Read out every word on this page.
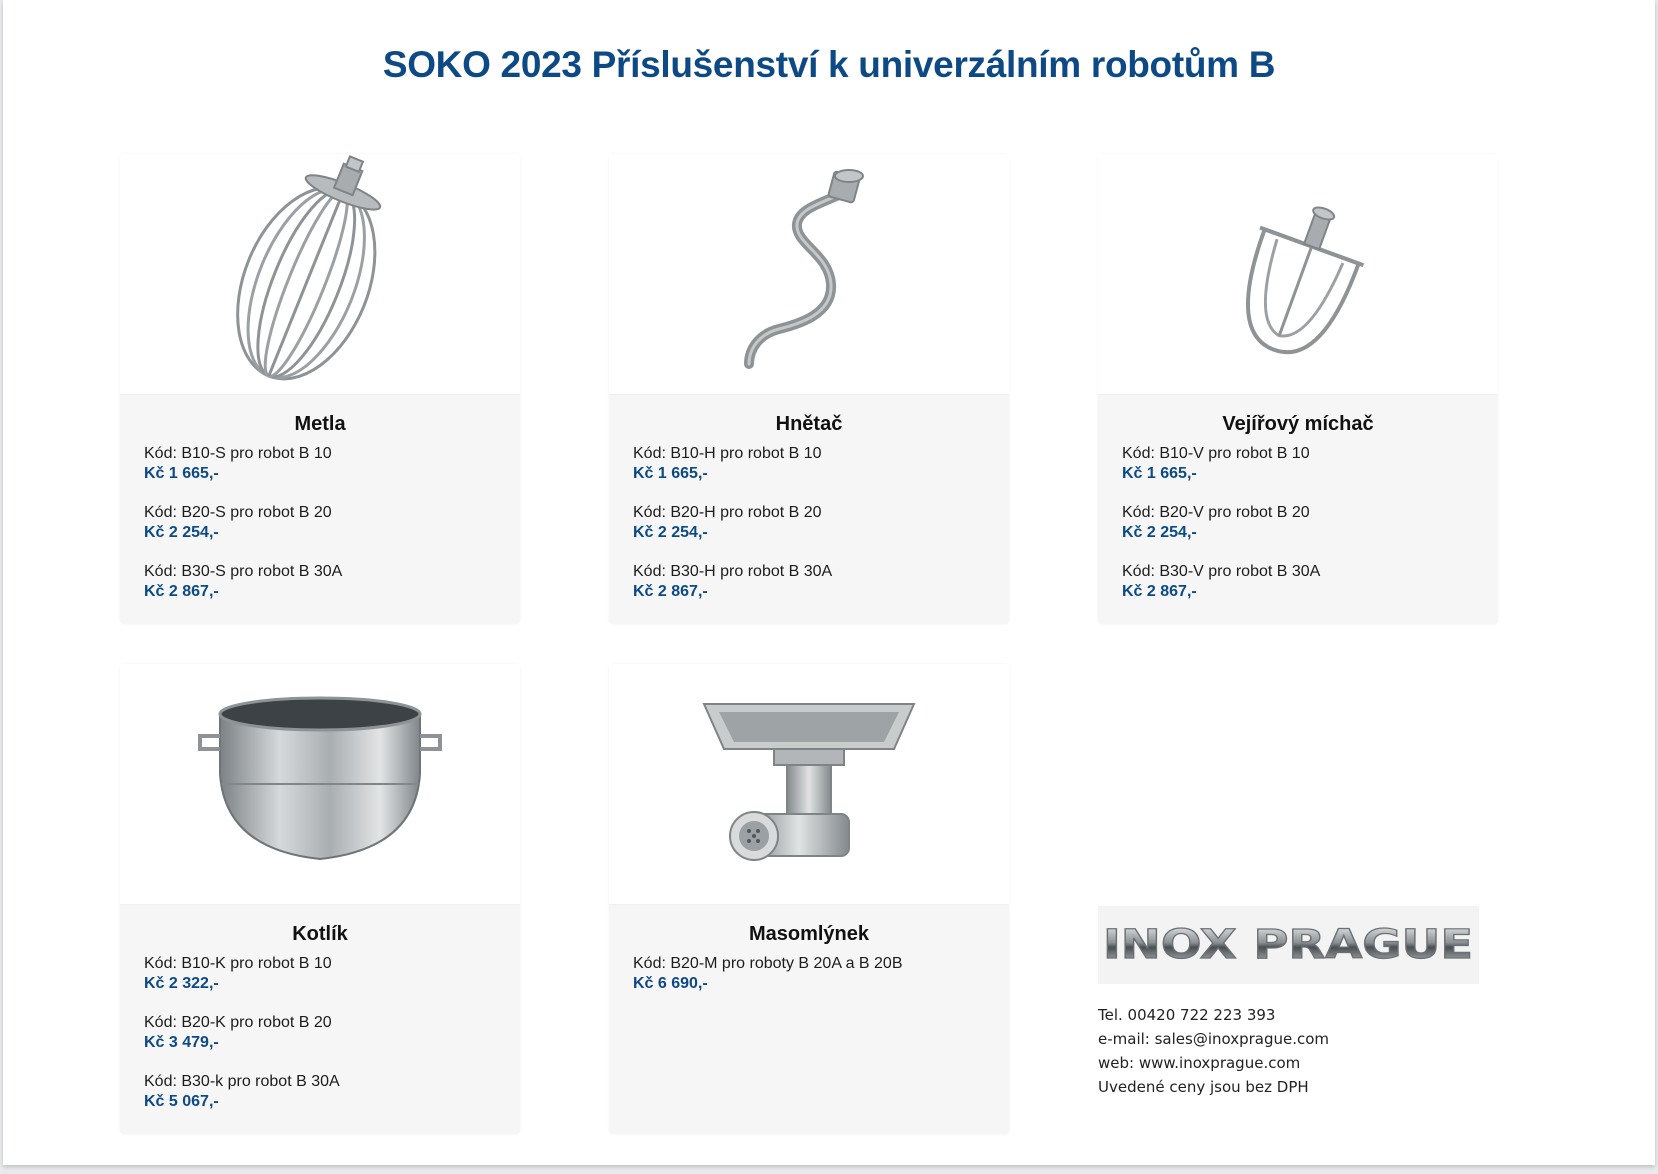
SOKO 2023 Příslušenství k univerzálním robotům B
Metla
Kód: B10-S pro robot B 10
Kč 1 665,-
Kód: B20-S pro robot B 20
Kč 2 254,-
Kód: B30-S pro robot B 30A
Kč 2 867,-
Hnětač
Kód: B10-H pro robot B 10
Kč 1 665,-
Kód: B20-H pro robot B 20
Kč 2 254,-
Kód: B30-H pro robot B 30A
Kč 2 867,-
Vejířový míchač
Kód: B10-V pro robot B 10
Kč 1 665,-
Kód: B20-V pro robot B 20
Kč 2 254,-
Kód: B30-V pro robot B 30A
Kč 2 867,-
Kotlík
Kód: B10-K pro robot B 10
Kč 2 322,-
Kód: B20-K pro robot B 20
Kč 3 479,-
Kód: B30-k pro robot B 30A
Kč 5 067,-
Masomlýnek
Kód: B20-M pro roboty B 20A a B 20B
Kč 6 690,-
INOX PRAGUE
Tel. 00420 722 223 393
e-mail: sales@inoxprague.com
web: www.inoxprague.com
Uvedené ceny jsou bez DPH
